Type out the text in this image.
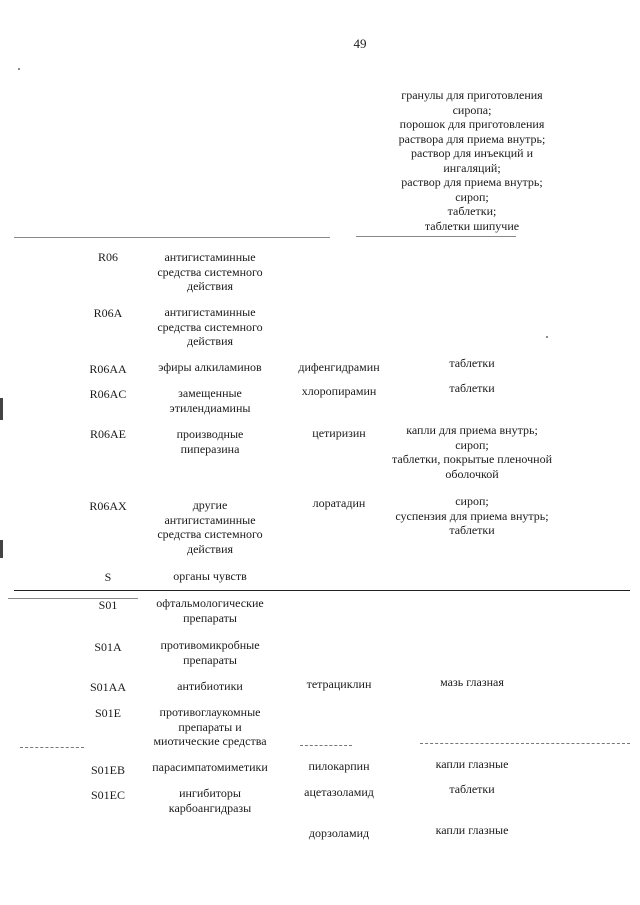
49
гранулы для приготовления
сиропа;
порошок для приготовления
раствора для приема внутрь;
раствор для инъекций и
ингаляций;
раствор для приема внутрь;
сироп;
таблетки;
таблетки шипучие
R06	антигистаминные
средства системного
действия
R06A	антигистаминные
средства системного
действия
R06AA	эфиры алкиламинов	дифенгидрамин	таблетки
R06AC	замещенные
этилендиамины
хлоропирамин	таблетки
R06AE	производные
пиперазина
цетиризин	капли для приема внутрь;
сироп;
таблетки, покрытые пленочной
оболочкой
R06AX	другие
антигистаминные
средства системного
действия
лоратадин	сироп;
суспензия для приема внутрь;
таблетки
S	органы чувств
S01	офтальмологические
препараты
S01A	противомикробные
препараты
S01AA	антибиотики	тетрациклин	мазь глазная
S01E	противоглаукомные
препараты и
миотические средства
S01EB	парасимпатомиметики	пилокарпин	капли глазные
S01EC	ингибиторы
карбоангидразы
ацетазоламид	таблетки
дорзоламид	капли глазные
